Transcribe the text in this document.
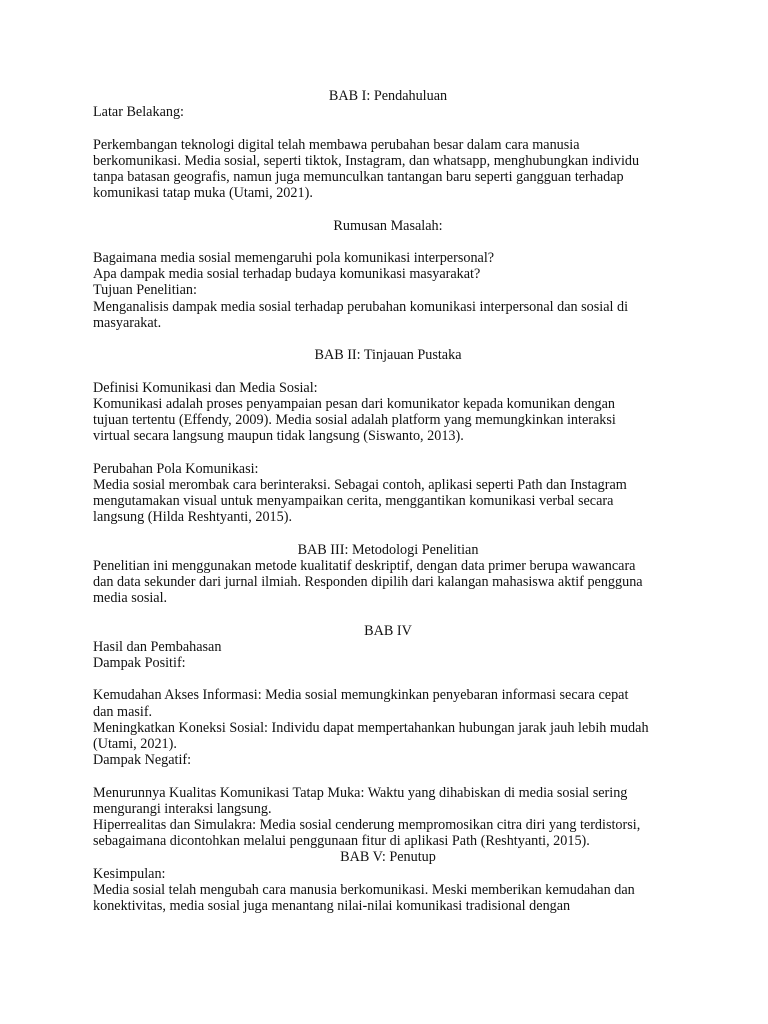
BAB I: Pendahuluan

Latar Belakang:

Perkembangan teknologi digital telah membawa perubahan besar dalam cara manusia

berkomunikasi. Media sosial, seperti tiktok, Instagram, dan whatsapp, menghubungkan individu

tanpa batasan geografis, namun juga memunculkan tantangan baru seperti gangguan terhadap

komunikasi tatap muka (Utami, 2021).

Rumusan Masalah:

Bagaimana media sosial memengaruhi pola komunikasi interpersonal?

Apa dampak media sosial terhadap budaya komunikasi masyarakat?

Tujuan Penelitian:

Menganalisis dampak media sosial terhadap perubahan komunikasi interpersonal dan sosial di

masyarakat.

BAB II: Tinjauan Pustaka

Definisi Komunikasi dan Media Sosial:

Komunikasi adalah proses penyampaian pesan dari komunikator kepada komunikan dengan

tujuan tertentu (Effendy, 2009). Media sosial adalah platform yang memungkinkan interaksi

virtual secara langsung maupun tidak langsung (Siswanto, 2013).

Perubahan Pola Komunikasi:

Media sosial merombak cara berinteraksi. Sebagai contoh, aplikasi seperti Path dan Instagram

mengutamakan visual untuk menyampaikan cerita, menggantikan komunikasi verbal secara

langsung (Hilda Reshtyanti, 2015).

BAB III: Metodologi Penelitian

Penelitian ini menggunakan metode kualitatif deskriptif, dengan data primer berupa wawancara

dan data sekunder dari jurnal ilmiah. Responden dipilih dari kalangan mahasiswa aktif pengguna

media sosial.

BAB IV

Hasil dan Pembahasan

Dampak Positif:

Kemudahan Akses Informasi: Media sosial memungkinkan penyebaran informasi secara cepat

dan masif.

Meningkatkan Koneksi Sosial: Individu dapat mempertahankan hubungan jarak jauh lebih mudah

(Utami, 2021).

Dampak Negatif:

Menurunnya Kualitas Komunikasi Tatap Muka: Waktu yang dihabiskan di media sosial sering

mengurangi interaksi langsung.

Hiperrealitas dan Simulakra: Media sosial cenderung mempromosikan citra diri yang terdistorsi,

sebagaimana dicontohkan melalui penggunaan fitur di aplikasi Path (Reshtyanti, 2015).

BAB V: Penutup

Kesimpulan:

Media sosial telah mengubah cara manusia berkomunikasi. Meski memberikan kemudahan dan

konektivitas, media sosial juga menantang nilai-nilai komunikasi tradisional dengan
